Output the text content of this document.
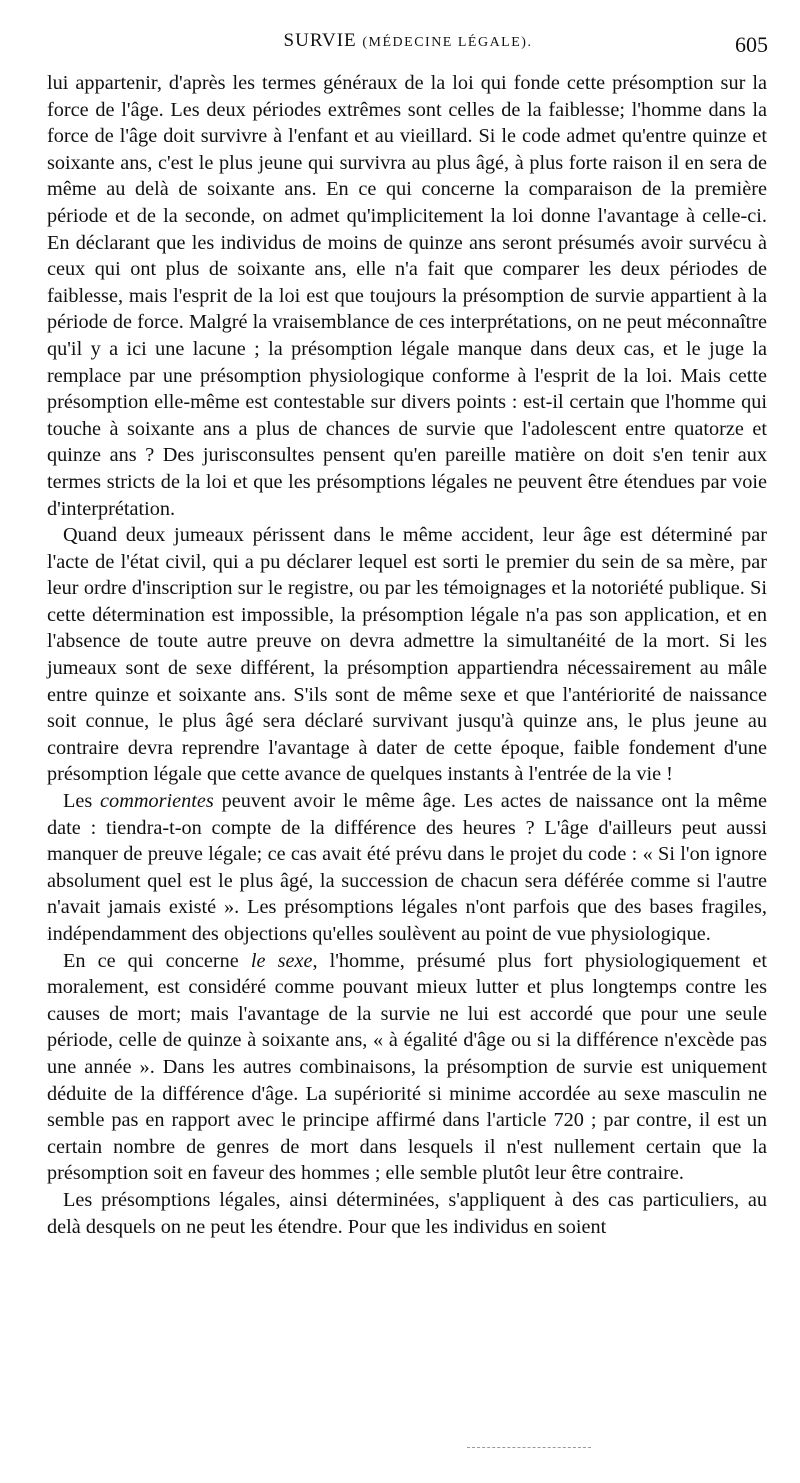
SURVIE (MÉDECINE LÉGALE).	605

lui appartenir, d'après les termes généraux de la loi qui fonde cette présomption sur la force de l'âge. Les deux périodes extrêmes sont celles de la faiblesse; l'homme dans la force de l'âge doit survivre à l'enfant et au vieillard. Si le code admet qu'entre quinze et soixante ans, c'est le plus jeune qui survivra au plus âgé, à plus forte raison il en sera de même au delà de soixante ans. En ce qui concerne la comparaison de la première période et de la seconde, on admet qu'implicitement la loi donne l'avantage à celle-ci. En déclarant que les individus de moins de quinze ans seront présumés avoir survécu à ceux qui ont plus de soixante ans, elle n'a fait que comparer les deux périodes de faiblesse, mais l'esprit de la loi est que toujours la présomption de survie appartient à la période de force. Malgré la vraisemblance de ces interprétations, on ne peut méconnaître qu'il y a ici une lacune ; la présomption légale manque dans deux cas, et le juge la remplace par une présomption physiologique conforme à l'esprit de la loi. Mais cette présomption elle-même est contestable sur divers points : est-il certain que l'homme qui touche à soixante ans a plus de chances de survie que l'adolescent entre quatorze et quinze ans ? Des jurisconsultes pensent qu'en pareille matière on doit s'en tenir aux termes stricts de la loi et que les présomptions légales ne peuvent être étendues par voie d'interprétation.

Quand deux jumeaux périssent dans le même accident, leur âge est déterminé par l'acte de l'état civil, qui a pu déclarer lequel est sorti le premier du sein de sa mère, par leur ordre d'inscription sur le registre, ou par les témoignages et la notoriété publique. Si cette détermination est impossible, la présomption légale n'a pas son application, et en l'absence de toute autre preuve on devra admettre la simultanéité de la mort. Si les jumeaux sont de sexe différent, la présomption appartiendra nécessairement au mâle entre quinze et soixante ans. S'ils sont de même sexe et que l'antériorité de naissance soit connue, le plus âgé sera déclaré survivant jusqu'à quinze ans, le plus jeune au contraire devra reprendre l'avantage à dater de cette époque, faible fondement d'une présomption légale que cette avance de quelques instants à l'entrée de la vie !

Les commorientes peuvent avoir le même âge. Les actes de naissance ont la même date : tiendra-t-on compte de la différence des heures ? L'âge d'ailleurs peut aussi manquer de preuve légale; ce cas avait été prévu dans le projet du code : « Si l'on ignore absolument quel est le plus âgé, la succession de chacun sera déférée comme si l'autre n'avait jamais existé ». Les présomptions légales n'ont parfois que des bases fragiles, indépendamment des objections qu'elles soulèvent au point de vue physiologique.

En ce qui concerne le sexe, l'homme, présumé plus fort physiologiquement et moralement, est considéré comme pouvant mieux lutter et plus longtemps contre les causes de mort; mais l'avantage de la survie ne lui est accordé que pour une seule période, celle de quinze à soixante ans, « à égalité d'âge ou si la différence n'excède pas une année ». Dans les autres combinaisons, la présomption de survie est uniquement déduite de la différence d'âge. La supériorité si minime accordée au sexe masculin ne semble pas en rapport avec le principe affirmé dans l'article 720 ; par contre, il est un certain nombre de genres de mort dans lesquels il n'est nullement certain que la présomption soit en faveur des hommes ; elle semble plutôt leur être contraire.

Les présomptions légales, ainsi déterminées, s'appliquent à des cas particuliers, au delà desquels on ne peut les étendre. Pour que les individus en soient
